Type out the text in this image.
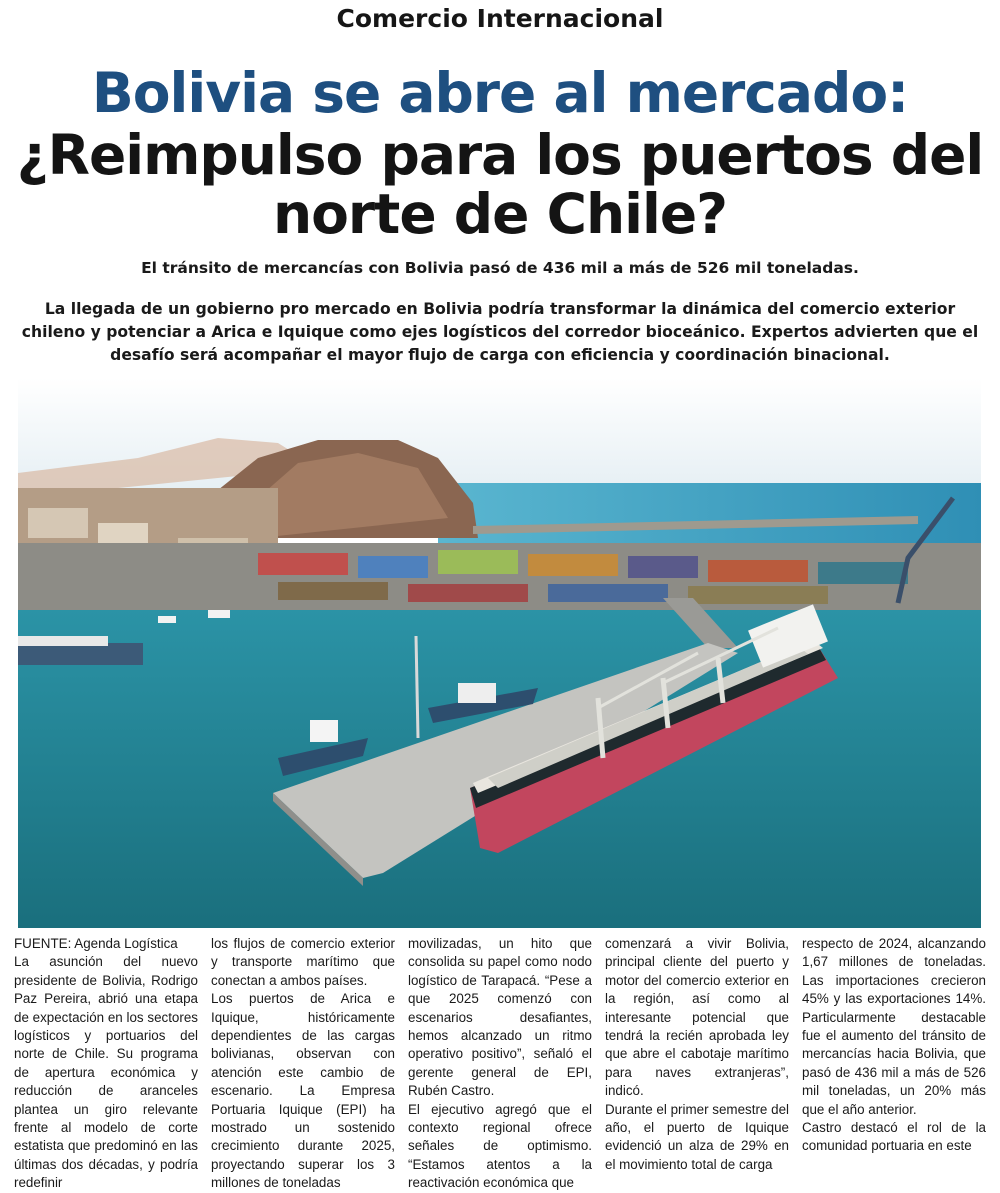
Comercio Internacional
Bolivia se abre al mercado:
¿Reimpulso para los puertos del
norte de Chile?
El tránsito de mercancías con Bolivia pasó de 436 mil a más de 526 mil toneladas.
La llegada de un gobierno pro mercado en Bolivia podría transformar la dinámica del comercio exterior chileno y potenciar a Arica e Iquique como ejes logísticos del corredor bioceánico. Expertos advierten que el desafío será acompañar el mayor flujo de carga con eficiencia y coordinación binacional.

FUENTE: Agenda Logística

La asunción del nuevo presidente de Bolivia, Rodrigo Paz Pereira, abrió una etapa de expectación en los sectores logísticos y portuarios del norte de Chile. Su programa de apertura económica y reducción de aranceles plantea un giro relevante frente al modelo de corte estatista que predominó en las últimas dos décadas, y podría redefinir

los flujos de comercio exterior y transporte marítimo que conectan a ambos países.

Los puertos de Arica e Iquique, históricamente dependientes de las cargas bolivianas, observan con atención este cambio de escenario. La Empresa Portuaria Iquique (EPI) ha mostrado un sostenido crecimiento durante 2025, proyectando superar los 3 millones de toneladas

movilizadas, un hito que consolida su papel como nodo logístico de Tarapacá. “Pese a que 2025 comenzó con escenarios desafiantes, hemos alcanzado un ritmo operativo positivo”, señaló el gerente general de EPI, Rubén Castro.

El ejecutivo agregó que el contexto regional ofrece señales de optimismo. “Estamos atentos a la reactivación económica que

comenzará a vivir Bolivia, principal cliente del puerto y motor del comercio exterior en la región, así como al interesante potencial que tendrá la recién aprobada ley que abre el cabotaje marítimo para naves extranjeras”, indicó.

Durante el primer semestre del año, el puerto de Iquique evidenció un alza de 29% en el movimiento total de carga

respecto de 2024, alcanzando 1,67 millones de toneladas. Las importaciones crecieron 45% y las exportaciones 14%. Particularmente destacable fue el aumento del tránsito de mercancías hacia Bolivia, que pasó de 436 mil a más de 526 mil toneladas, un 20% más que el año anterior.

Castro destacó el rol de la comunidad portuaria en este
